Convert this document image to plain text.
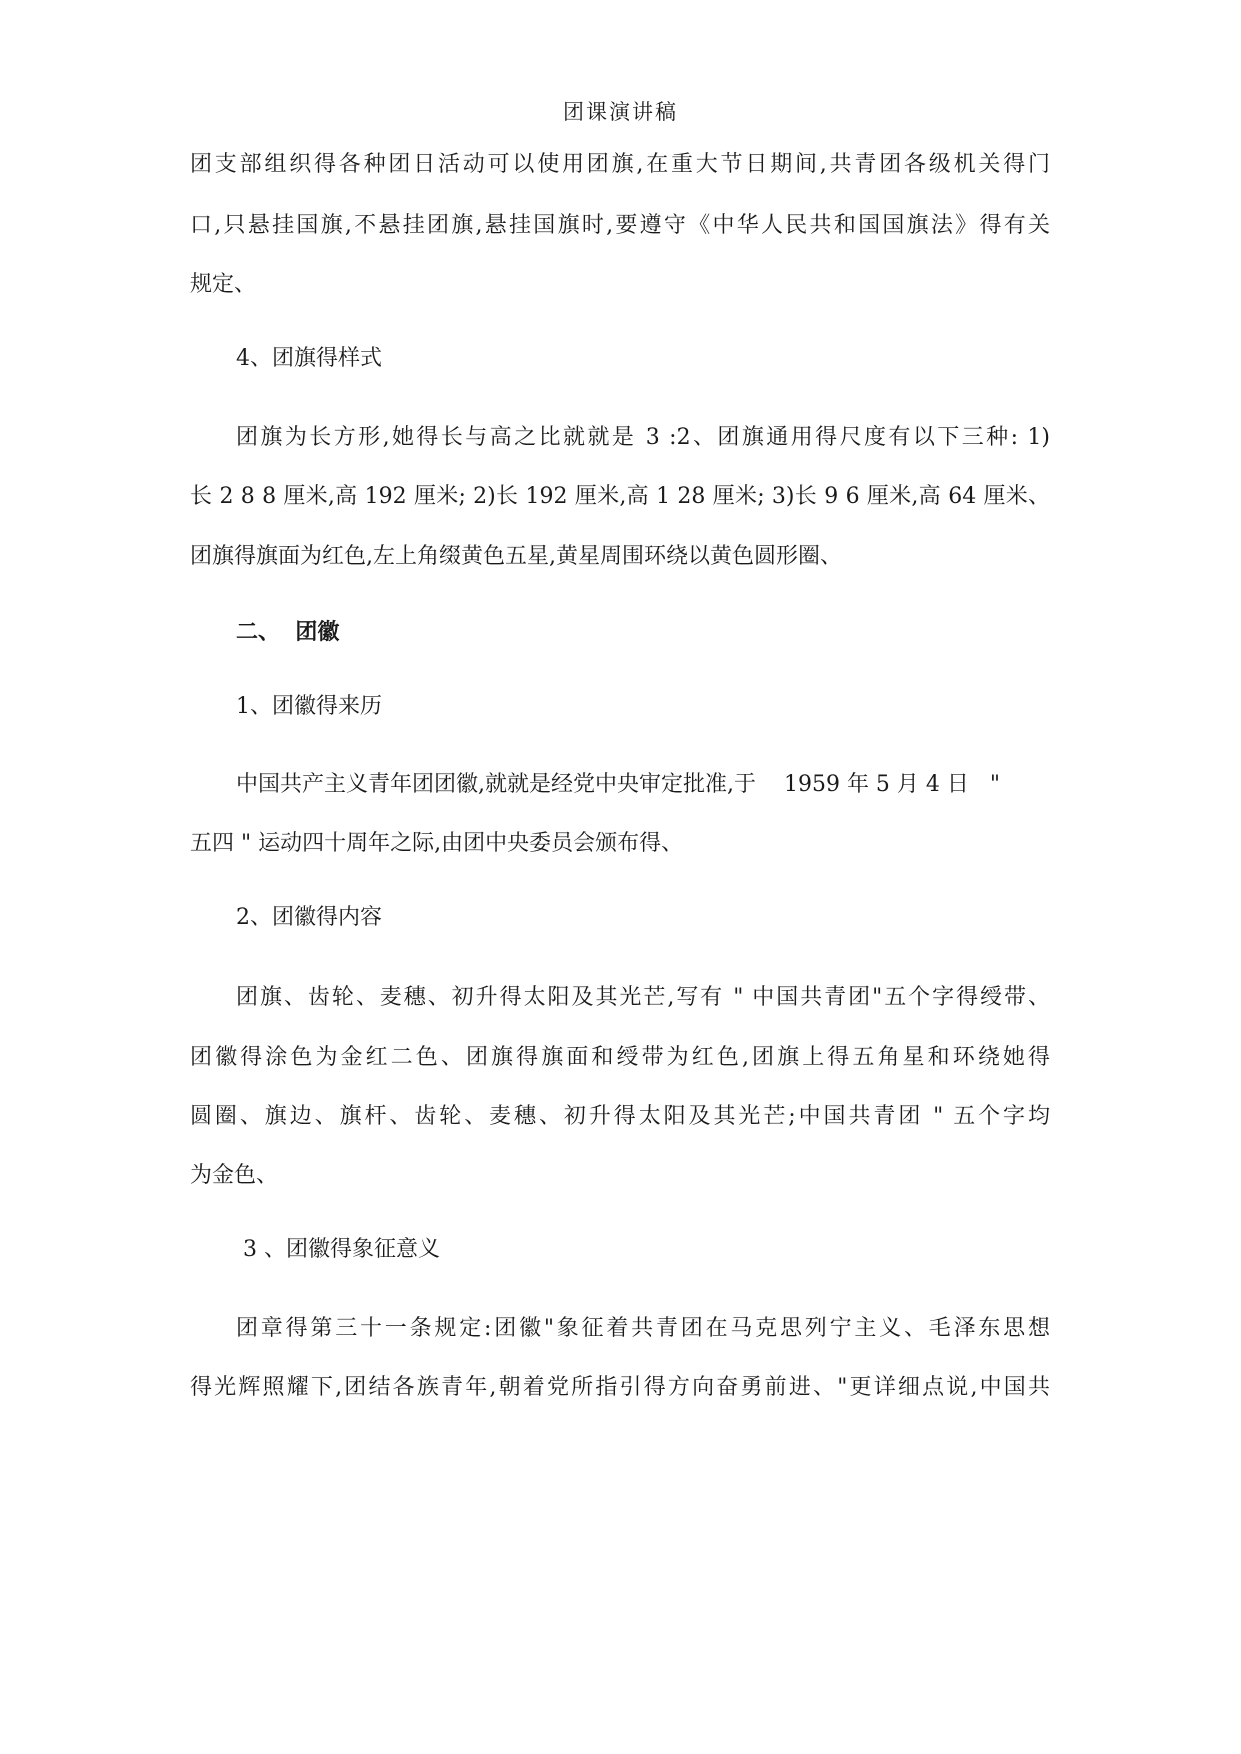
团课演讲稿
团支部组织得各种团日活动可以使用团旗,在重大节日期间,共青团各级机关得门
口,只悬挂国旗,不悬挂团旗,悬挂国旗时,要遵守《中华人民共和国国旗法》得有关
规定、
4、团旗得样式
团旗为长方形,她得长与高之比就就是 3 :2、团旗通用得尺度有以下三种: 1)
长 2 8 8 厘米,高 192 厘米; 2)长 192 厘米,高 1 28 厘米; 3)长 9 6 厘米,高 64 厘米、
团旗得旗面为红色,左上角缀黄色五星,黄星周围环绕以黄色圆形圈、
二、  团徽
1、团徽得来历
中国共产主义青年团团徽,就就是经党中央审定批准,于    1959 年 5 月 4 日   "
五四 " 运动四十周年之际,由团中央委员会颁布得、
2、团徽得内容
团旗、齿轮、麦穗、初升得太阳及其光芒,写有 " 中国共青团"五个字得绶带、
团徽得涂色为金红二色、团旗得旗面和绶带为红色,团旗上得五角星和环绕她得
圆圈、旗边、旗杆、齿轮、麦穗、初升得太阳及其光芒;中国共青团 " 五个字均
为金色、
3 、团徽得象征意义
团章得第三十一条规定:团徽"象征着共青团在马克思列宁主义、毛泽东思想
得光辉照耀下,团结各族青年,朝着党所指引得方向奋勇前进、"更详细点说,中国共
